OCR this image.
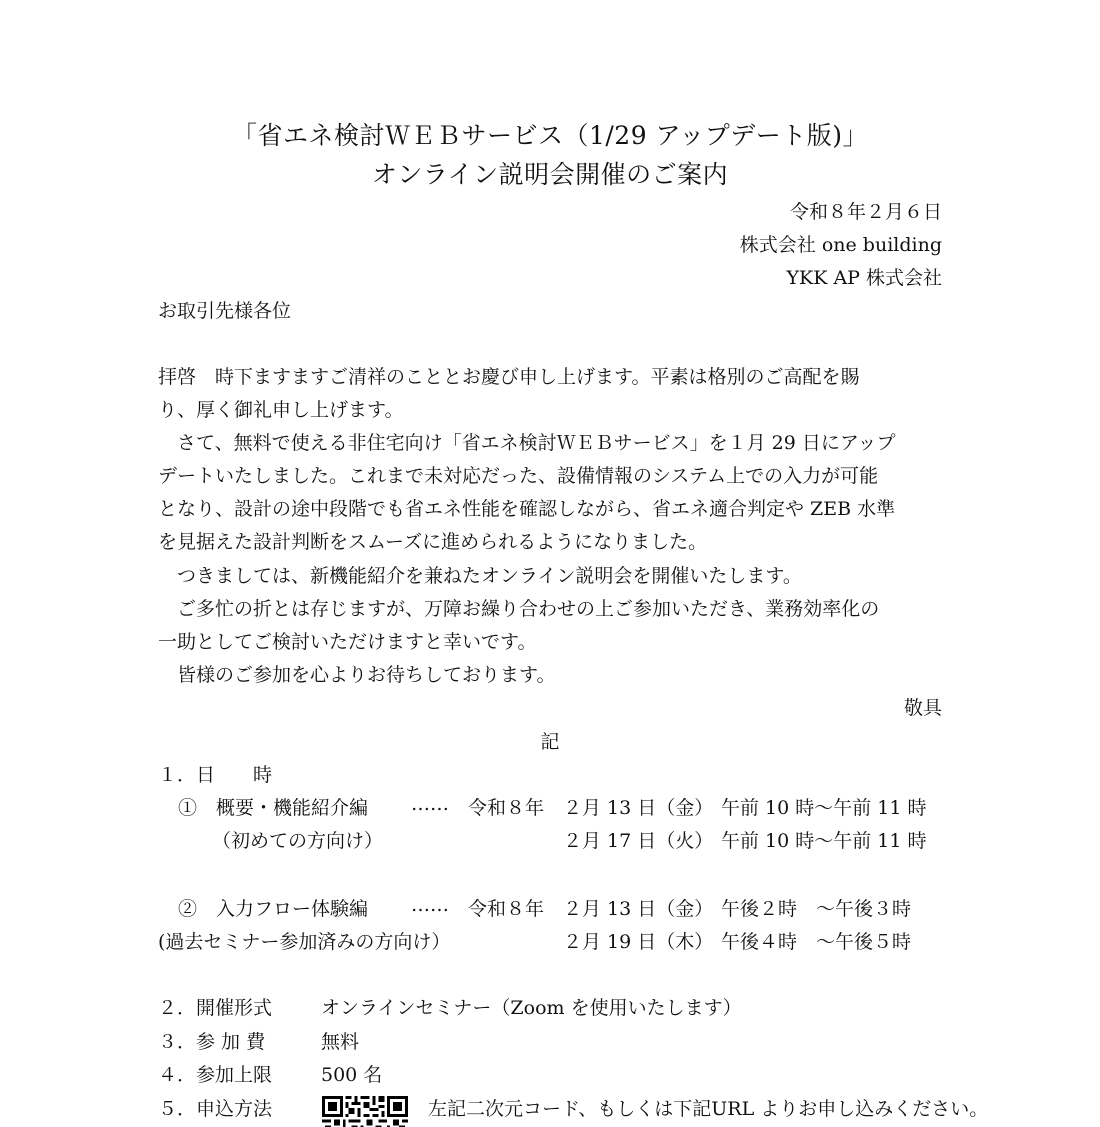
「省エネ検討ＷＥＢサービス（1/29 アップデート版)」
オンライン説明会開催のご案内
令和８年２月６日
株式会社 one building
YKK AP 株式会社
お取引先様各位
拝啓　時下ますますご清祥のこととお慶び申し上げます。平素は格別のご高配を賜
り、厚く御礼申し上げます。
　さて、無料で使える非住宅向け「省エネ検討ＷＥＢサービス」を１月 29 日にアップ
デートいたしました。これまで未対応だった、設備情報のシステム上での入力が可能
となり、設計の途中段階でも省エネ性能を確認しながら、省エネ適合判定や ZEB 水準
を見据えた設計判断をスムーズに進められるようになりました。
　つきましては、新機能紹介を兼ねたオンライン説明会を開催いたします。
　ご多忙の折とは存じますが、万障お繰り合わせの上ご参加いただき、業務効率化の
一助としてご検討いただけますと幸いです。
　皆様のご参加を心よりお待ちしております。
敬具
記
１．日　　時
①　概要・機能紹介編 …… 令和８年 ２月 13 日（金） 午前 10 時～午前 11 時
（初めての方向け）	２月 17 日（火） 午前 10 時～午前 11 時
②　入力フロー体験編 …… 令和８年 ２月 13 日（金） 午後２時　～午後３時
(過去セミナー参加済みの方向け）	２月 19 日（木） 午後４時　～午後５時
２．開催形式	オンラインセミナー（Zoom を使用いたします）
３．参 加 費	無料
４．参加上限	500 名
５．申込方法	左記二次元コード、もしくは下記URL よりお申し込みください。
